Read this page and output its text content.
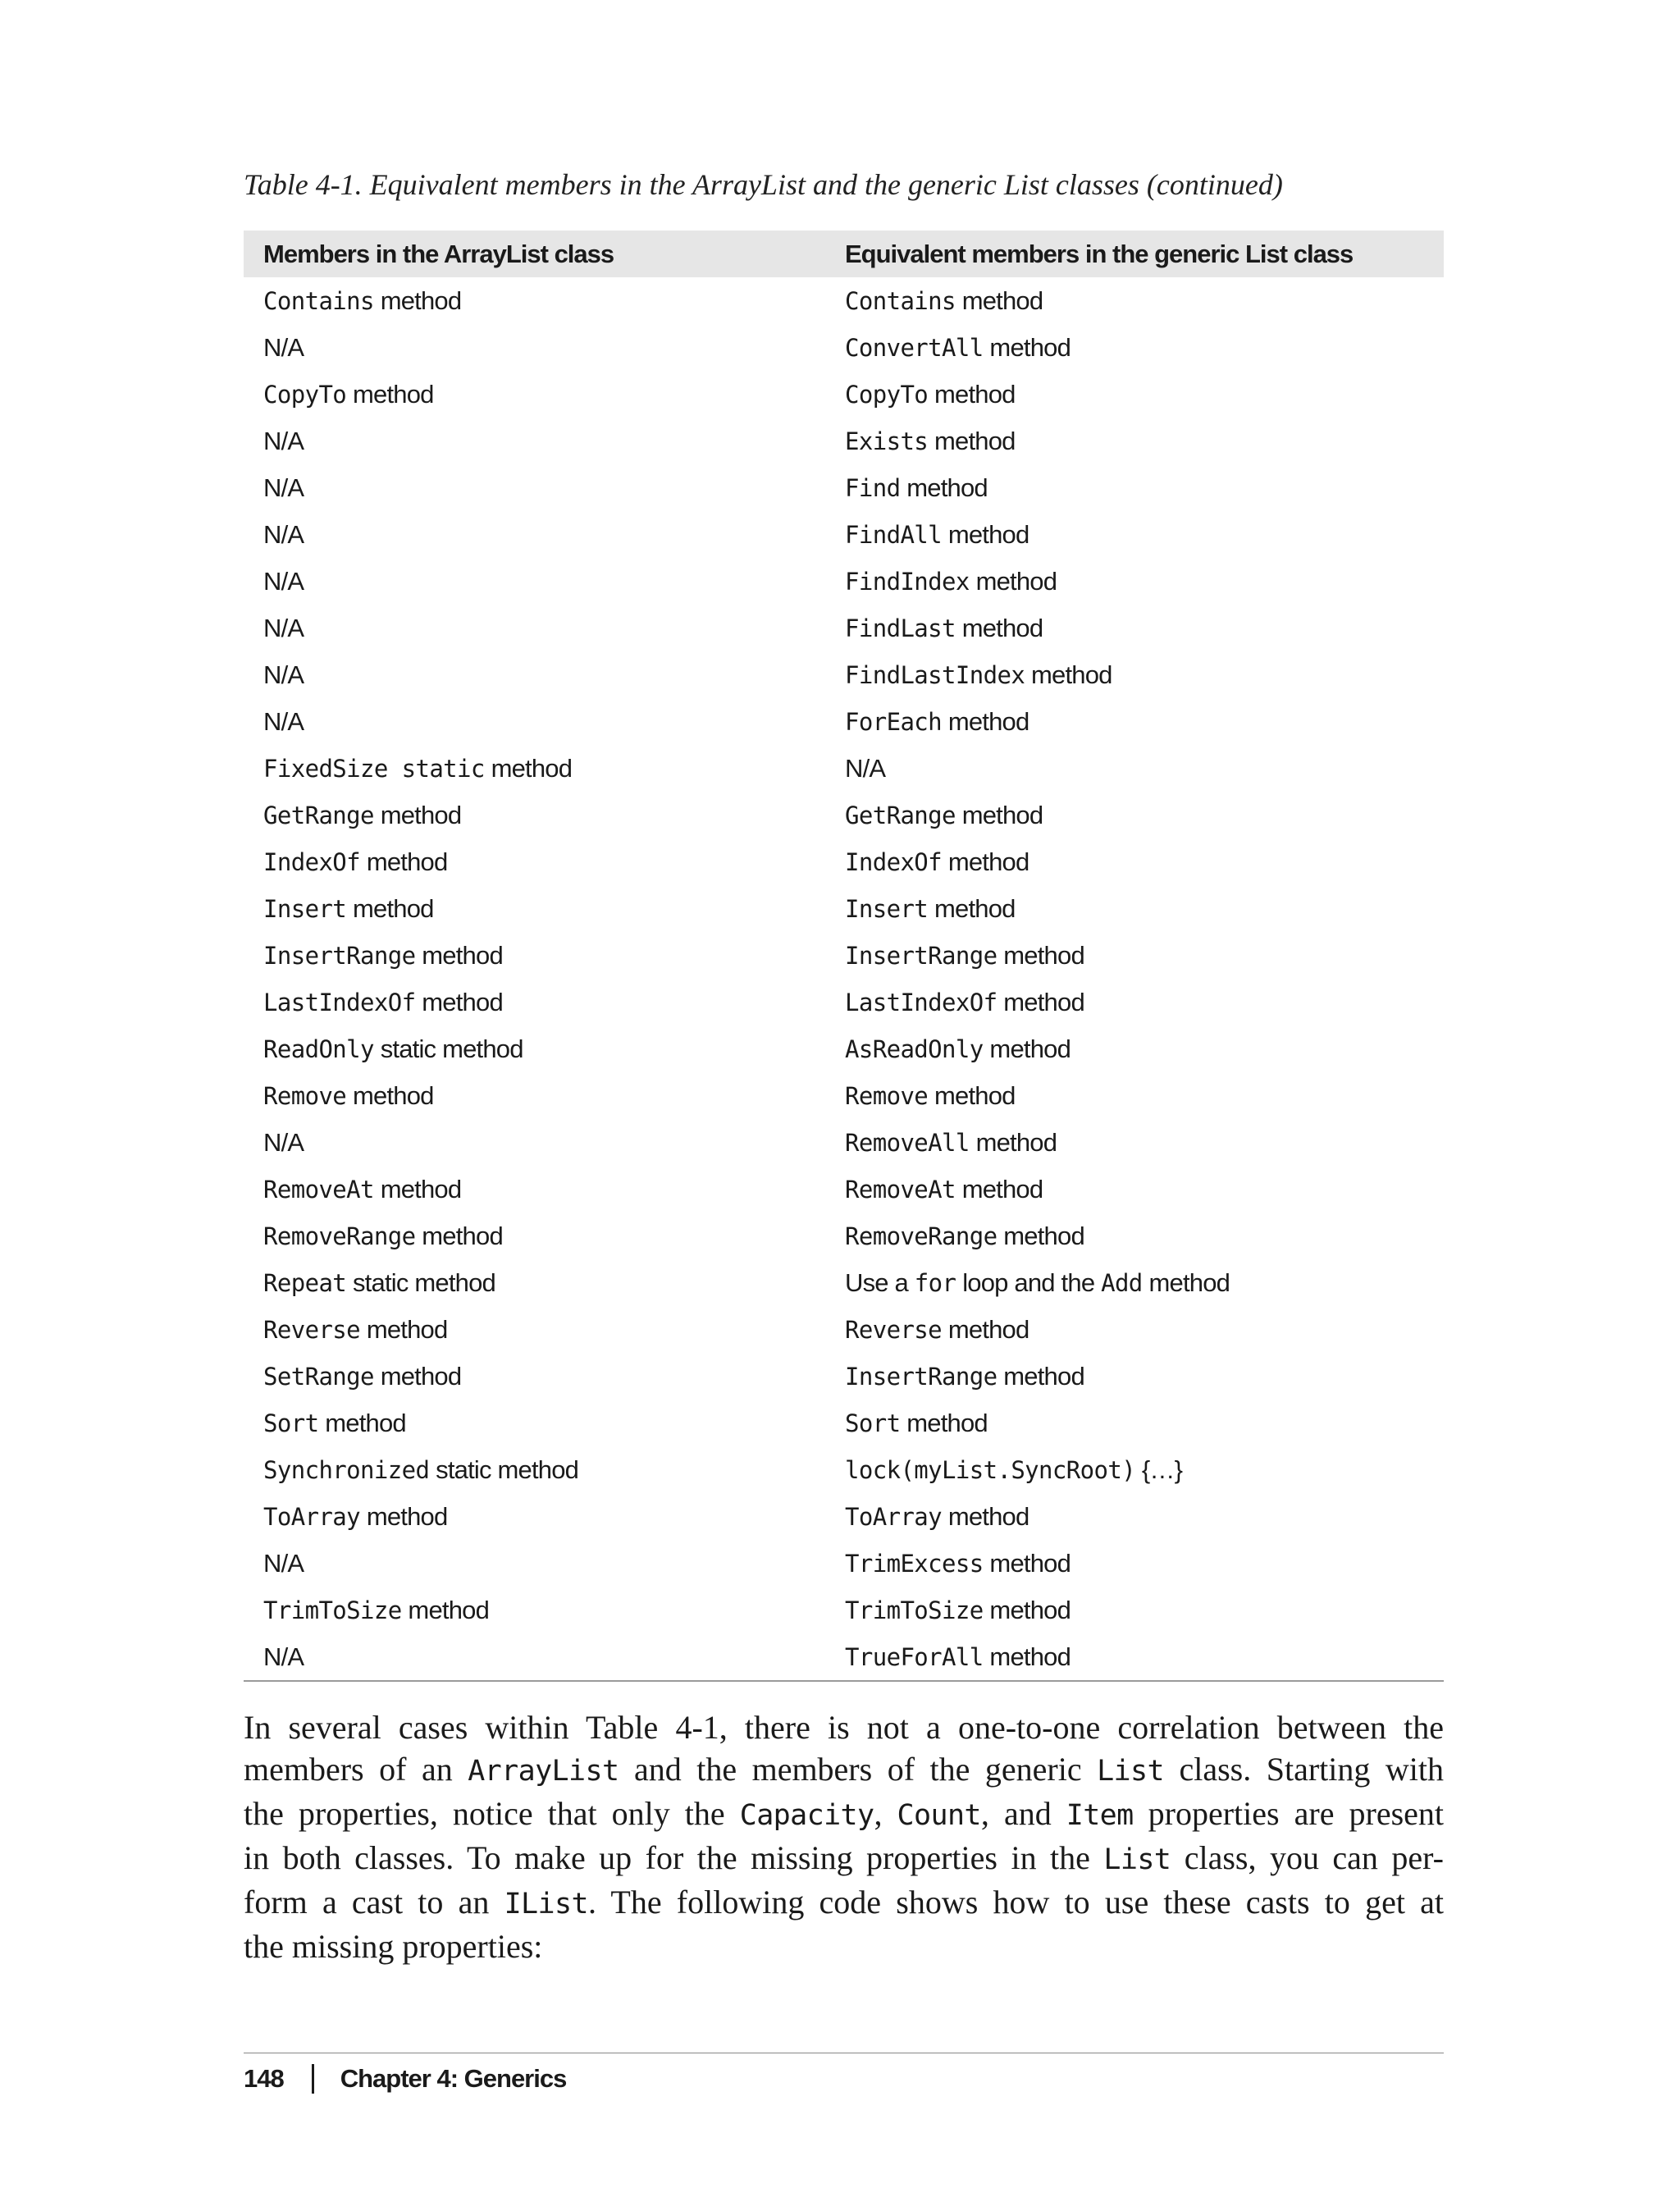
Table 4-1. Equivalent members in the ArrayList and the generic List classes (continued)
Members in the ArrayList class	Equivalent members in the generic List class
Contains method	Contains method
N/A	ConvertAll method
CopyTo method	CopyTo method
N/A	Exists method
N/A	Find method
N/A	FindAll method
N/A	FindIndex method
N/A	FindLast method
N/A	FindLastIndex method
N/A	ForEach method
FixedSize static method	N/A
GetRange method	GetRange method
IndexOf method	IndexOf method
Insert method	Insert method
InsertRange method	InsertRange method
LastIndexOf method	LastIndexOf method
ReadOnly static method	AsReadOnly method
Remove method	Remove method
N/A	RemoveAll method
RemoveAt method	RemoveAt method
RemoveRange method	RemoveRange method
Repeat static method	Use a for loop and the Add method
Reverse method	Reverse method
SetRange method	InsertRange method
Sort method	Sort method
Synchronized static method	lock(myList.SyncRoot) {…}
ToArray method	ToArray method
N/A	TrimExcess method
TrimToSize method	TrimToSize method
N/A	TrueForAll method
In several cases within Table 4-1, there is not a one-to-one correlation between the
members of an ArrayList and the members of the generic List class. Starting with
the properties, notice that only the Capacity, Count, and Item properties are present
in both classes. To make up for the missing properties in the List class, you can per-
form a cast to an IList. The following code shows how to use these casts to get at
the missing properties:
148 Chapter 4: Generics
